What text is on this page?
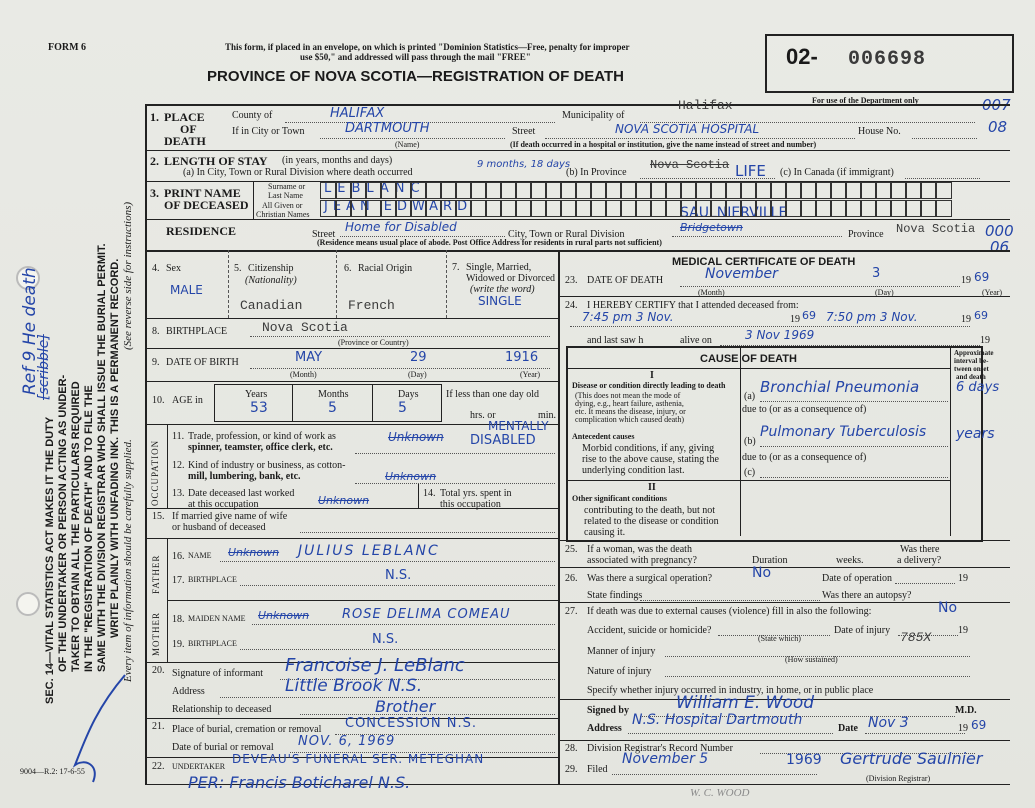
FORM 6	This form, if placed in an envelope, on which is printed "Dominion Statistics—Free, penalty for improper
use $50," and addressed will pass through the mail "FREE"
PROVINCE OF NOVA SCOTIA—REGISTRATION OF DEATH
02- 006698
For use of the Department only	007
08
000
06
SEC. 14—VITAL STATISTICS ACT MAKES IT THE DUTY OF THE UNDERTAKER OR PERSON ACTING AS UNDER- TAKER TO OBTAIN ALL THE PARTICULARS REQUIRED IN THE "REGISTRATION OF DEATH" AND TO FILE THE SAME WITH THE DIVISION REGISTRAR WHO SHALL ISSUE THE BURIAL PERMIT. WRITE PLAINLY WITH UNFADING INK. THIS IS A PERMANENT RECORD. Every item of information should be carefully supplied.
(See reverse side for instructions)
Ref 9 He death
[scribble]
1. PLACE
OF
DEATH
County of	HALIFAX	Municipality of
Halifax
If in City or Town	DARTMOUTH
(Name)
Street	NOVA SCOTIA HOSPITAL	House No.
(If death occurred in a hospital or institution, give the name instead of street and number)
2. LENGTH OF STAY (in years, months and days)
(a) In City, Town or Rural Division where death occurred
9 months, 18 days
(b) In Province
Nova Scotia LIFE (c) In Canada (if immigrant)
3. PRINT NAME
OF DECEASED
Surname or
Last Name
All Given or
Christian Names
LEBLANC
JEAN EDWARD
RESIDENCE	Street
Home for Disabled
City, Town or Rural Division
Bridgetown
SAULNIERVILLE
Province Nova Scotia
(Residence means usual place of abode. Post Office Address for residents in rural parts not sufficient)
4. Sex
MALE
5. Citizenship
(Nationality)
Canadian
6. Racial Origin
French
7. Single, Married,
Widowed or Divorced
(write the word)
SINGLE
8. BIRTHPLACE	Nova Scotia
(Province or Country)
9. DATE OF BIRTH	MAY	29	1916
(Month)	(Day)	(Year)
10. AGE in
Years	Months	Days
53	5	5
If less than one day old
hrs. or	min.
OCCUPATION
11. Trade, profession, or kind of work as
spinner, teamster, office clerk, etc.
Unknown
MENTALLY
DISABLED
12. Kind of industry or business, as cotton-
mill, lumbering, bank, etc.	Unknown
13. Date deceased last worked
at this occupation	Unknown
14. Total yrs. spent in
this occupation
15. If married give name of wife
or husband of deceased
FATHER
MOTHER
16. NAME Unknown JULIUS LEBLANC
17. BIRTHPLACE	N.S.
18. MAIDEN NAME Unknown	ROSE DELIMA COMEAU
19. BIRTHPLACE	N.S.
20. Signature of informant Francoise J. LeBlanc
Address	Little Brook N.S.
Relationship to deceased	Brother
21. Place of burial, cremation or removal CONCESSION N.S.
Date of burial or removal NOV. 6, 1969
22. UNDERTAKER
DEVEAU'S FUNERAL SER. METEGHAN
PER: Francis Boticharel N.S.
MEDICAL CERTIFICATE OF DEATH
23. DATE OF DEATH	November	3	19 69
(Month)	(Day)	(Year)
24. I HEREBY CERTIFY that I attended deceased from:
7:45 pm 3 Nov.	19 69 7:50 pm 3 Nov.	19 69
and last saw h	alive on	3 Nov 1969	19
CAUSE OF DEATH	Approximate
interval be-
tween onset
and death
I
Disease or condition directly leading to death
(This does not mean the mode of
dying, e.g., heart failure, asthenia,
etc. It means the disease, injury, or
complication which caused death)
(a)
Bronchial Pneumonia	6 days
due to (or as a consequence of)
Antecedent causes
Morbid conditions, if any, giving
rise to the above cause, stating the
underlying condition last.
(b)
Pulmonary Tuberculosis years
due to (or as a consequence of)
(c)
II
Other significant conditions
contributing to the death, but not
related to the disease or condition
causing it.
25. If a woman, was the death
associated with pregnancy?	Duration	weeks.
Was there
a delivery?
26. Was there a surgical operation?	No	Date of operation	19
State findings	Was there an autopsy?
27. If death was due to external causes (violence) fill in also the following:	No
Accident, suicide or homicide?
(State which)
Date of injury	19
785X
Manner of injury
(How sustained)
Nature of injury
Specify whether injury occurred in industry, in home, or in public place
Signed by	William E. Wood	M.D.
Address
N.S. Hospital Dartmouth
Date Nov 3	19 69
28. Division Registrar's Record Number
29. Filed
November 5	1969 Gertrude Saulnier
(Division Registrar)
W. C. WOOD
9004—R.2: 17-6-55
